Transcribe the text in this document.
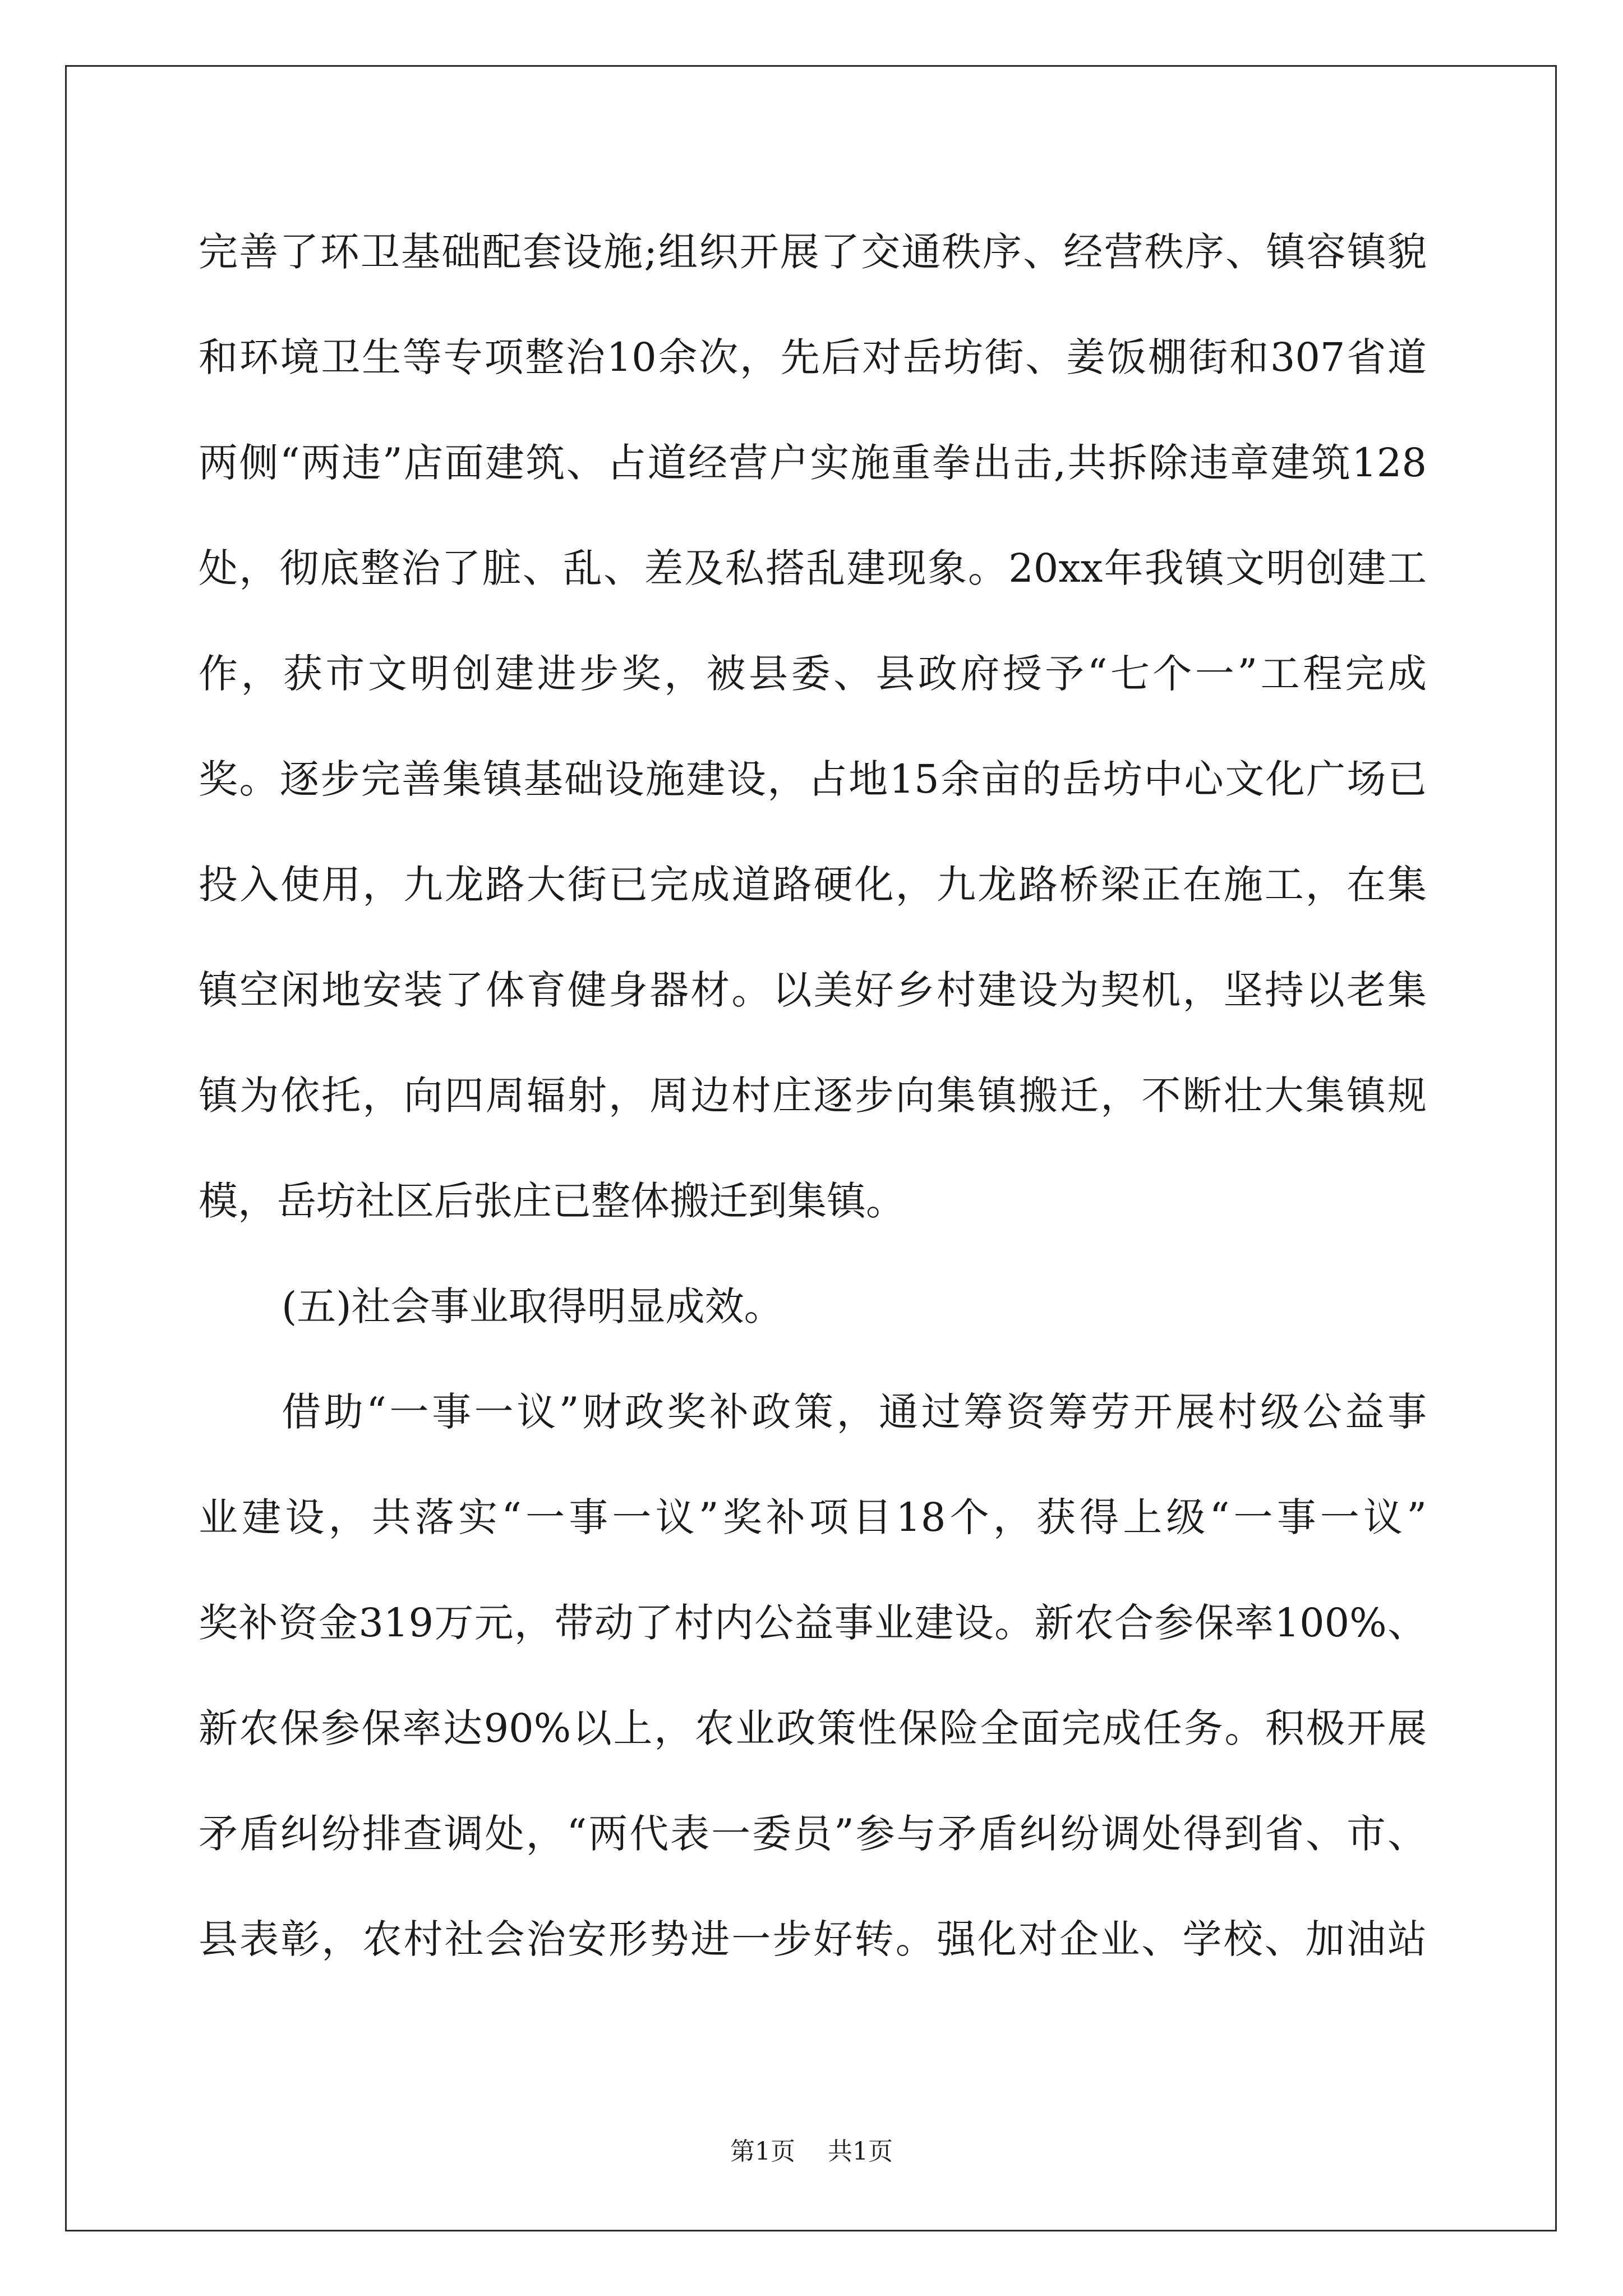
完善了环卫基础配套设施;组织开展了交通秩序、经营秩序、镇容镇貌
和环境卫生等专项整治10余次，先后对岳坊街、姜饭棚街和307省道
两侧“两违”店面建筑、占道经营户实施重拳出击,共拆除违章建筑128
处，彻底整治了脏、乱、差及私搭乱建现象。20xx年我镇文明创建工
作，获市文明创建进步奖，被县委、县政府授予“七个一”工程完成
奖。逐步完善集镇基础设施建设，占地15余亩的岳坊中心文化广场已
投入使用，九龙路大街已完成道路硬化，九龙路桥梁正在施工，在集
镇空闲地安装了体育健身器材。以美好乡村建设为契机，坚持以老集
镇为依托，向四周辐射，周边村庄逐步向集镇搬迁，不断壮大集镇规
模，岳坊社区后张庄已整体搬迁到集镇。
(五)社会事业取得明显成效。
借助“一事一议”财政奖补政策，通过筹资筹劳开展村级公益事
业建设，共落实“一事一议”奖补项目18个，获得上级“一事一议”
奖补资金319万元，带动了村内公益事业建设。新农合参保率100%、
新农保参保率达90%以上，农业政策性保险全面完成任务。积极开展
矛盾纠纷排查调处，“两代表一委员”参与矛盾纠纷调处得到省、市、
县表彰，农村社会治安形势进一步好转。强化对企业、学校、加油站
第1页 共1页
